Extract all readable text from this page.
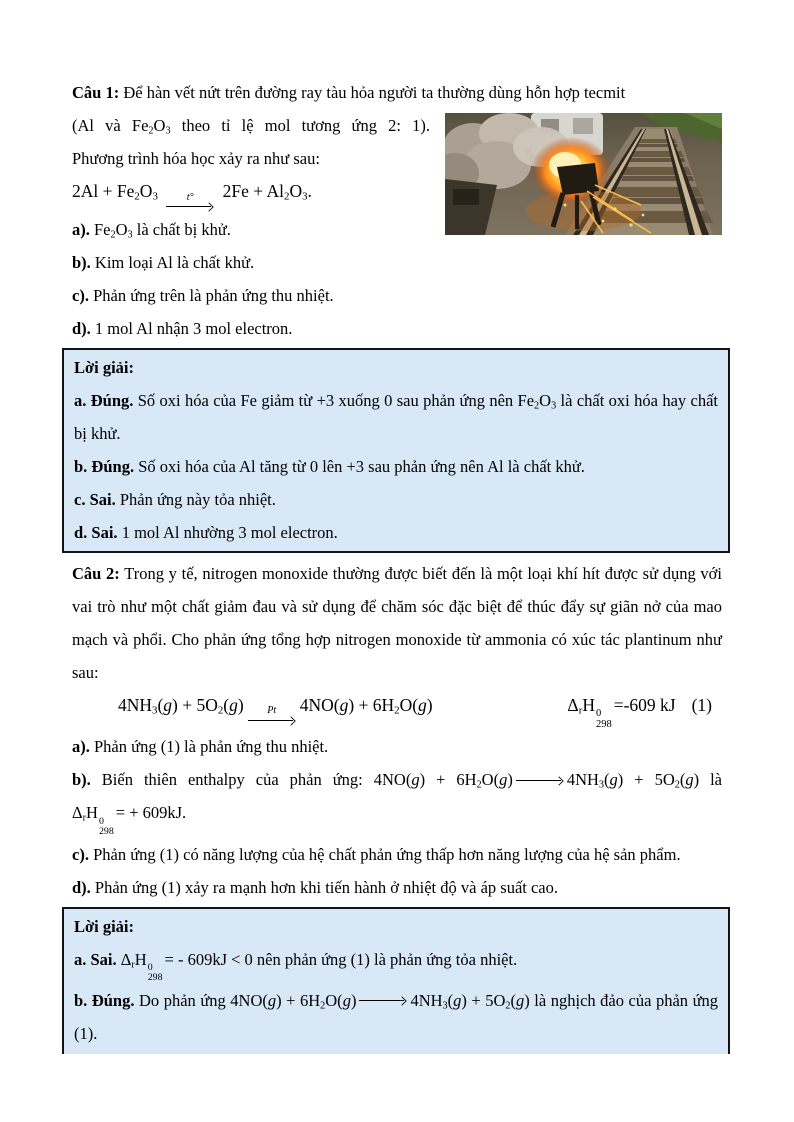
Câu 1: Để hàn vết nứt trên đường ray tàu hỏa người ta thường dùng hỗn hợp tecmit
(Al và $Fe_2O_3$ theo tỉ lệ mol tương ứng 2: 1).
Phương trình hóa học xảy ra như sau:
$2Al + Fe_2O_3$	t° $2Fe + Al_2O_3$.
a). $Fe_2O_3$ là chất bị khử.
b). Kim loại Al là chất khử.
c). Phản ứng trên là phản ứng thu nhiệt.
d). 1 mol Al nhận 3 mol electron.
Lời giải:
a. Đúng. Số oxi hóa của Fe giảm từ +3 xuống 0 sau phản ứng nên $Fe_2O_3$ là chất oxi hóa hay chất bị khử.
b. Đúng. Số oxi hóa của Al tăng từ 0 lên +3 sau phản ứng nên Al là chất khử.
c. Sai. Phản ứng này tỏa nhiệt.
d. Sai. 1 mol Al nhường 3 mol electron.
Câu 2: Trong y tế, nitrogen monoxide thường được biết đến là một loại khí hít được sử dụng với vai trò như một chất giảm đau và sử dụng để chăm sóc đặc biệt để thúc đẩy sự giãn nở của mao mạch và phổi. Cho phản ứng tổng hợp nitrogen monoxide từ ammonia có xúc tác plantinum như sau:
$4NH_3(g) + 5O_2(g)$ Pt $4NO(g) + 6H_2O(g)$	$\Delta_rH$ 0
298
=-609 kJ (1)
a). Phản ứng (1) là phản ứng thu nhiệt.
b). Biến thiên enthalpy của phản ứng: $4NO(g) + 6H_2O(g)$	$4NH_3(g) + 5O_2(g)$ là
$\Delta_rH$ 0
298
= + 609kJ.
c). Phản ứng (1) có năng lượng của hệ chất phản ứng thấp hơn năng lượng của hệ sản phẩm.
d). Phản ứng (1) xảy ra mạnh hơn khi tiến hành ở nhiệt độ và áp suất cao.
Lời giải:
a. Sai. $\Delta_rH$ 0
298
= - 609kJ < 0 nên phản ứng (1) là phản ứng tỏa nhiệt.
b. Đúng. Do phản ứng $4NO(g) + 6H_2O(g)$	$4NH_3(g) + 5O_2(g)$ là nghịch đảo của phản ứng (1).
